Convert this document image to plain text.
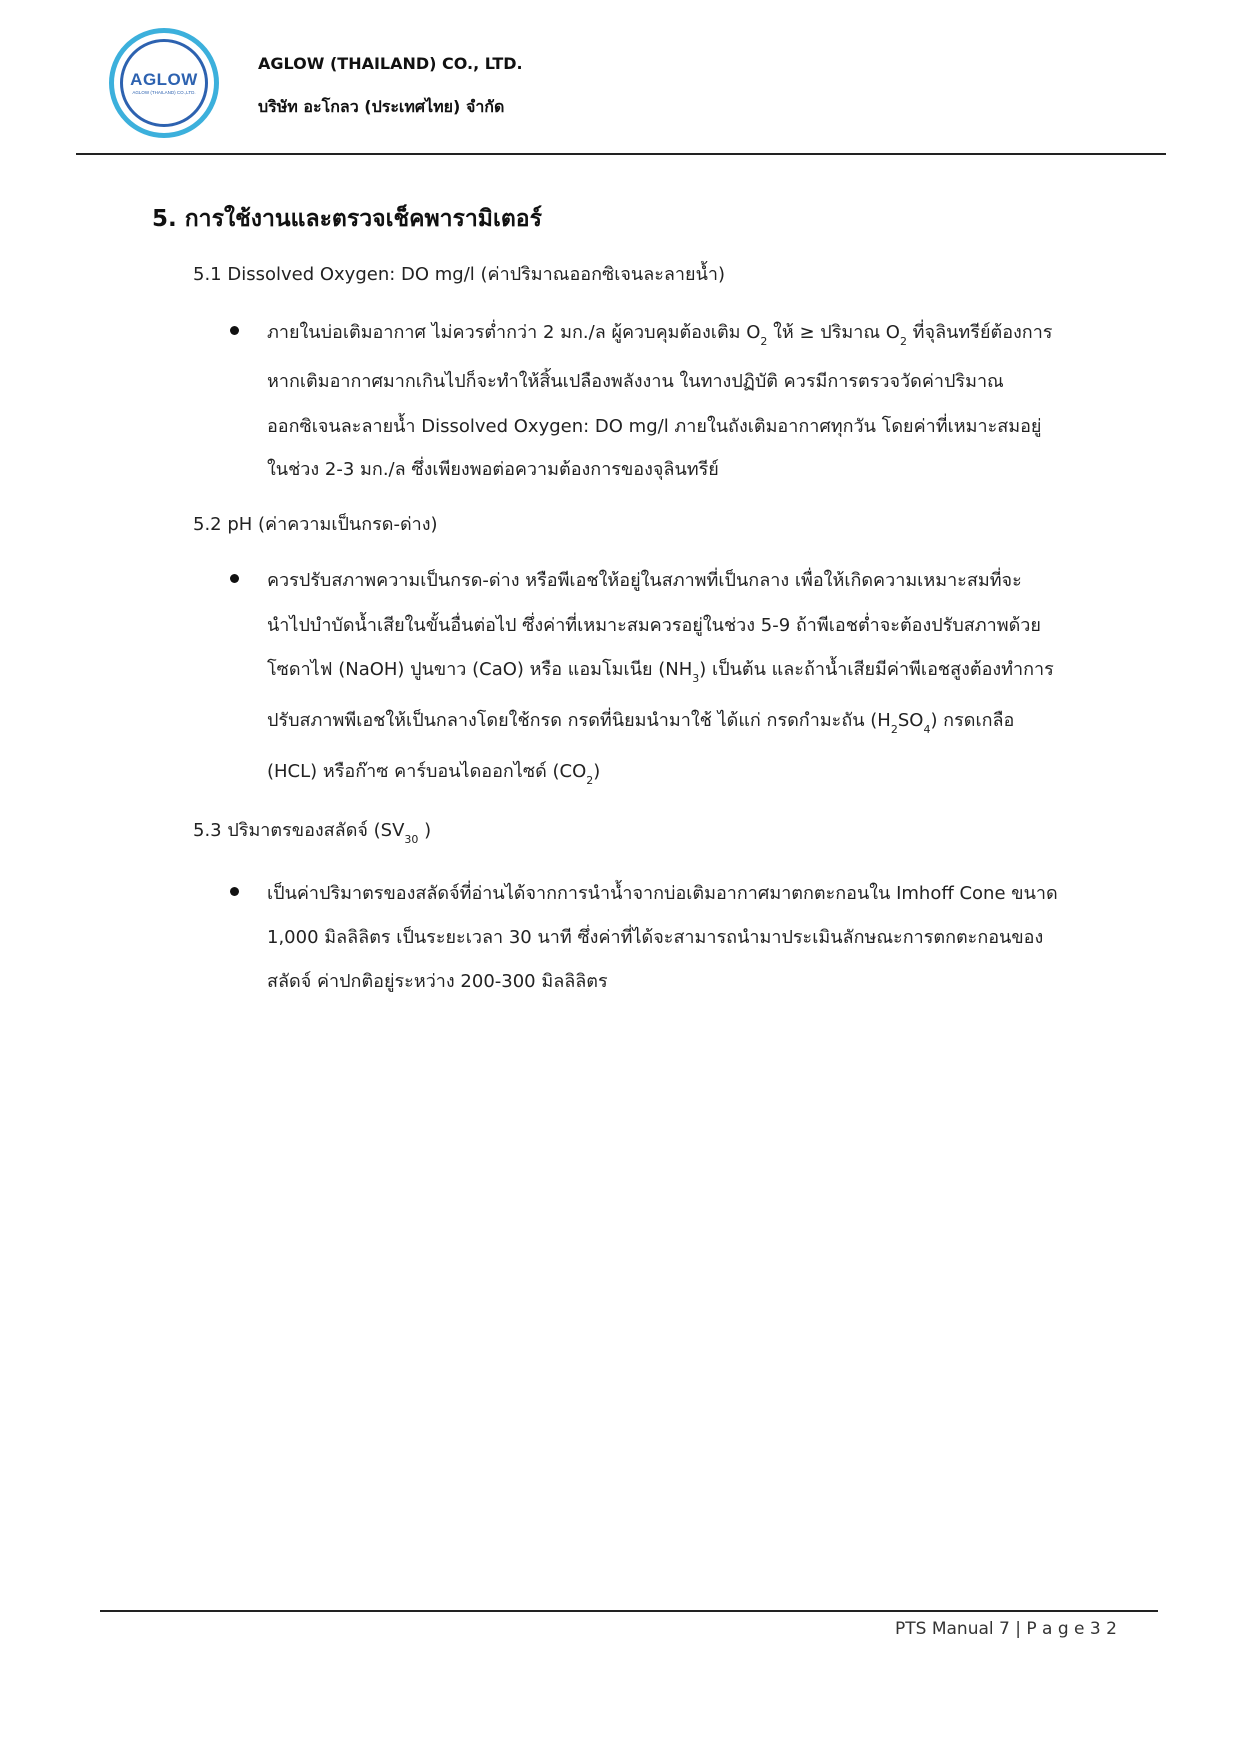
AGLOW
AGLOW (THAILAND) CO.,LTD.
AGLOW (THAILAND) CO., LTD.
บริษัท อะโกลว (ประเทศไทย) จำกัด
5. การใช้งานและตรวจเช็คพารามิเตอร์
5.1 Dissolved Oxygen: DO mg/l (ค่าปริมาณออกซิเจนละลายน้ำ)
ภายในบ่อเติมอากาศ ไม่ควรต่ำกว่า 2 มก./ล ผู้ควบคุมต้องเติม $O_2$ ให้ ≥ ปริมาณ $O_2$ ที่จุลินทรีย์ต้องการ
หากเติมอากาศมากเกินไปก็จะทำให้สิ้นเปลืองพลังงาน ในทางปฏิบัติ ควรมีการตรวจวัดค่าปริมาณ
ออกซิเจนละลายน้ำ Dissolved Oxygen: DO mg/l ภายในถังเติมอากาศทุกวัน โดยค่าที่เหมาะสมอยู่
ในช่วง 2-3 มก./ล ซึ่งเพียงพอต่อความต้องการของจุลินทรีย์
5.2 pH (ค่าความเป็นกรด-ด่าง)
ควรปรับสภาพความเป็นกรด-ด่าง หรือพีเอชให้อยู่ในสภาพที่เป็นกลาง เพื่อให้เกิดความเหมาะสมที่จะ
นำไปบำบัดน้ำเสียในขั้นอื่นต่อไป ซึ่งค่าที่เหมาะสมควรอยู่ในช่วง 5-9 ถ้าพีเอชต่ำจะต้องปรับสภาพด้วย
โซดาไฟ (NaOH) ปูนขาว (CaO) หรือ แอมโมเนีย $(NH_3)$ เป็นต้น และถ้าน้ำเสียมีค่าพีเอชสูงต้องทำการ
ปรับสภาพพีเอชให้เป็นกลางโดยใช้กรด กรดที่นิยมนำมาใช้ ได้แก่ กรดกำมะถัน $(H_2SO_4)$ กรดเกลือ
(HCL) หรือก๊าซ คาร์บอนไดออกไซด์ $(CO_2)$
5.3 ปริมาตรของสลัดจ์ ($SV_{30}$ )
เป็นค่าปริมาตรของสลัดจ์ที่อ่านได้จากการนำน้ำจากบ่อเติมอากาศมาตกตะกอนใน Imhoff Cone ขนาด
1,000 มิลลิลิตร เป็นระยะเวลา 30 นาที ซึ่งค่าที่ได้จะสามารถนำมาประเมินลักษณะการตกตะกอนของ
สลัดจ์ ค่าปกติอยู่ระหว่าง 200-300 มิลลิลิตร
PTS Manual 7 | P a g e 3 2
